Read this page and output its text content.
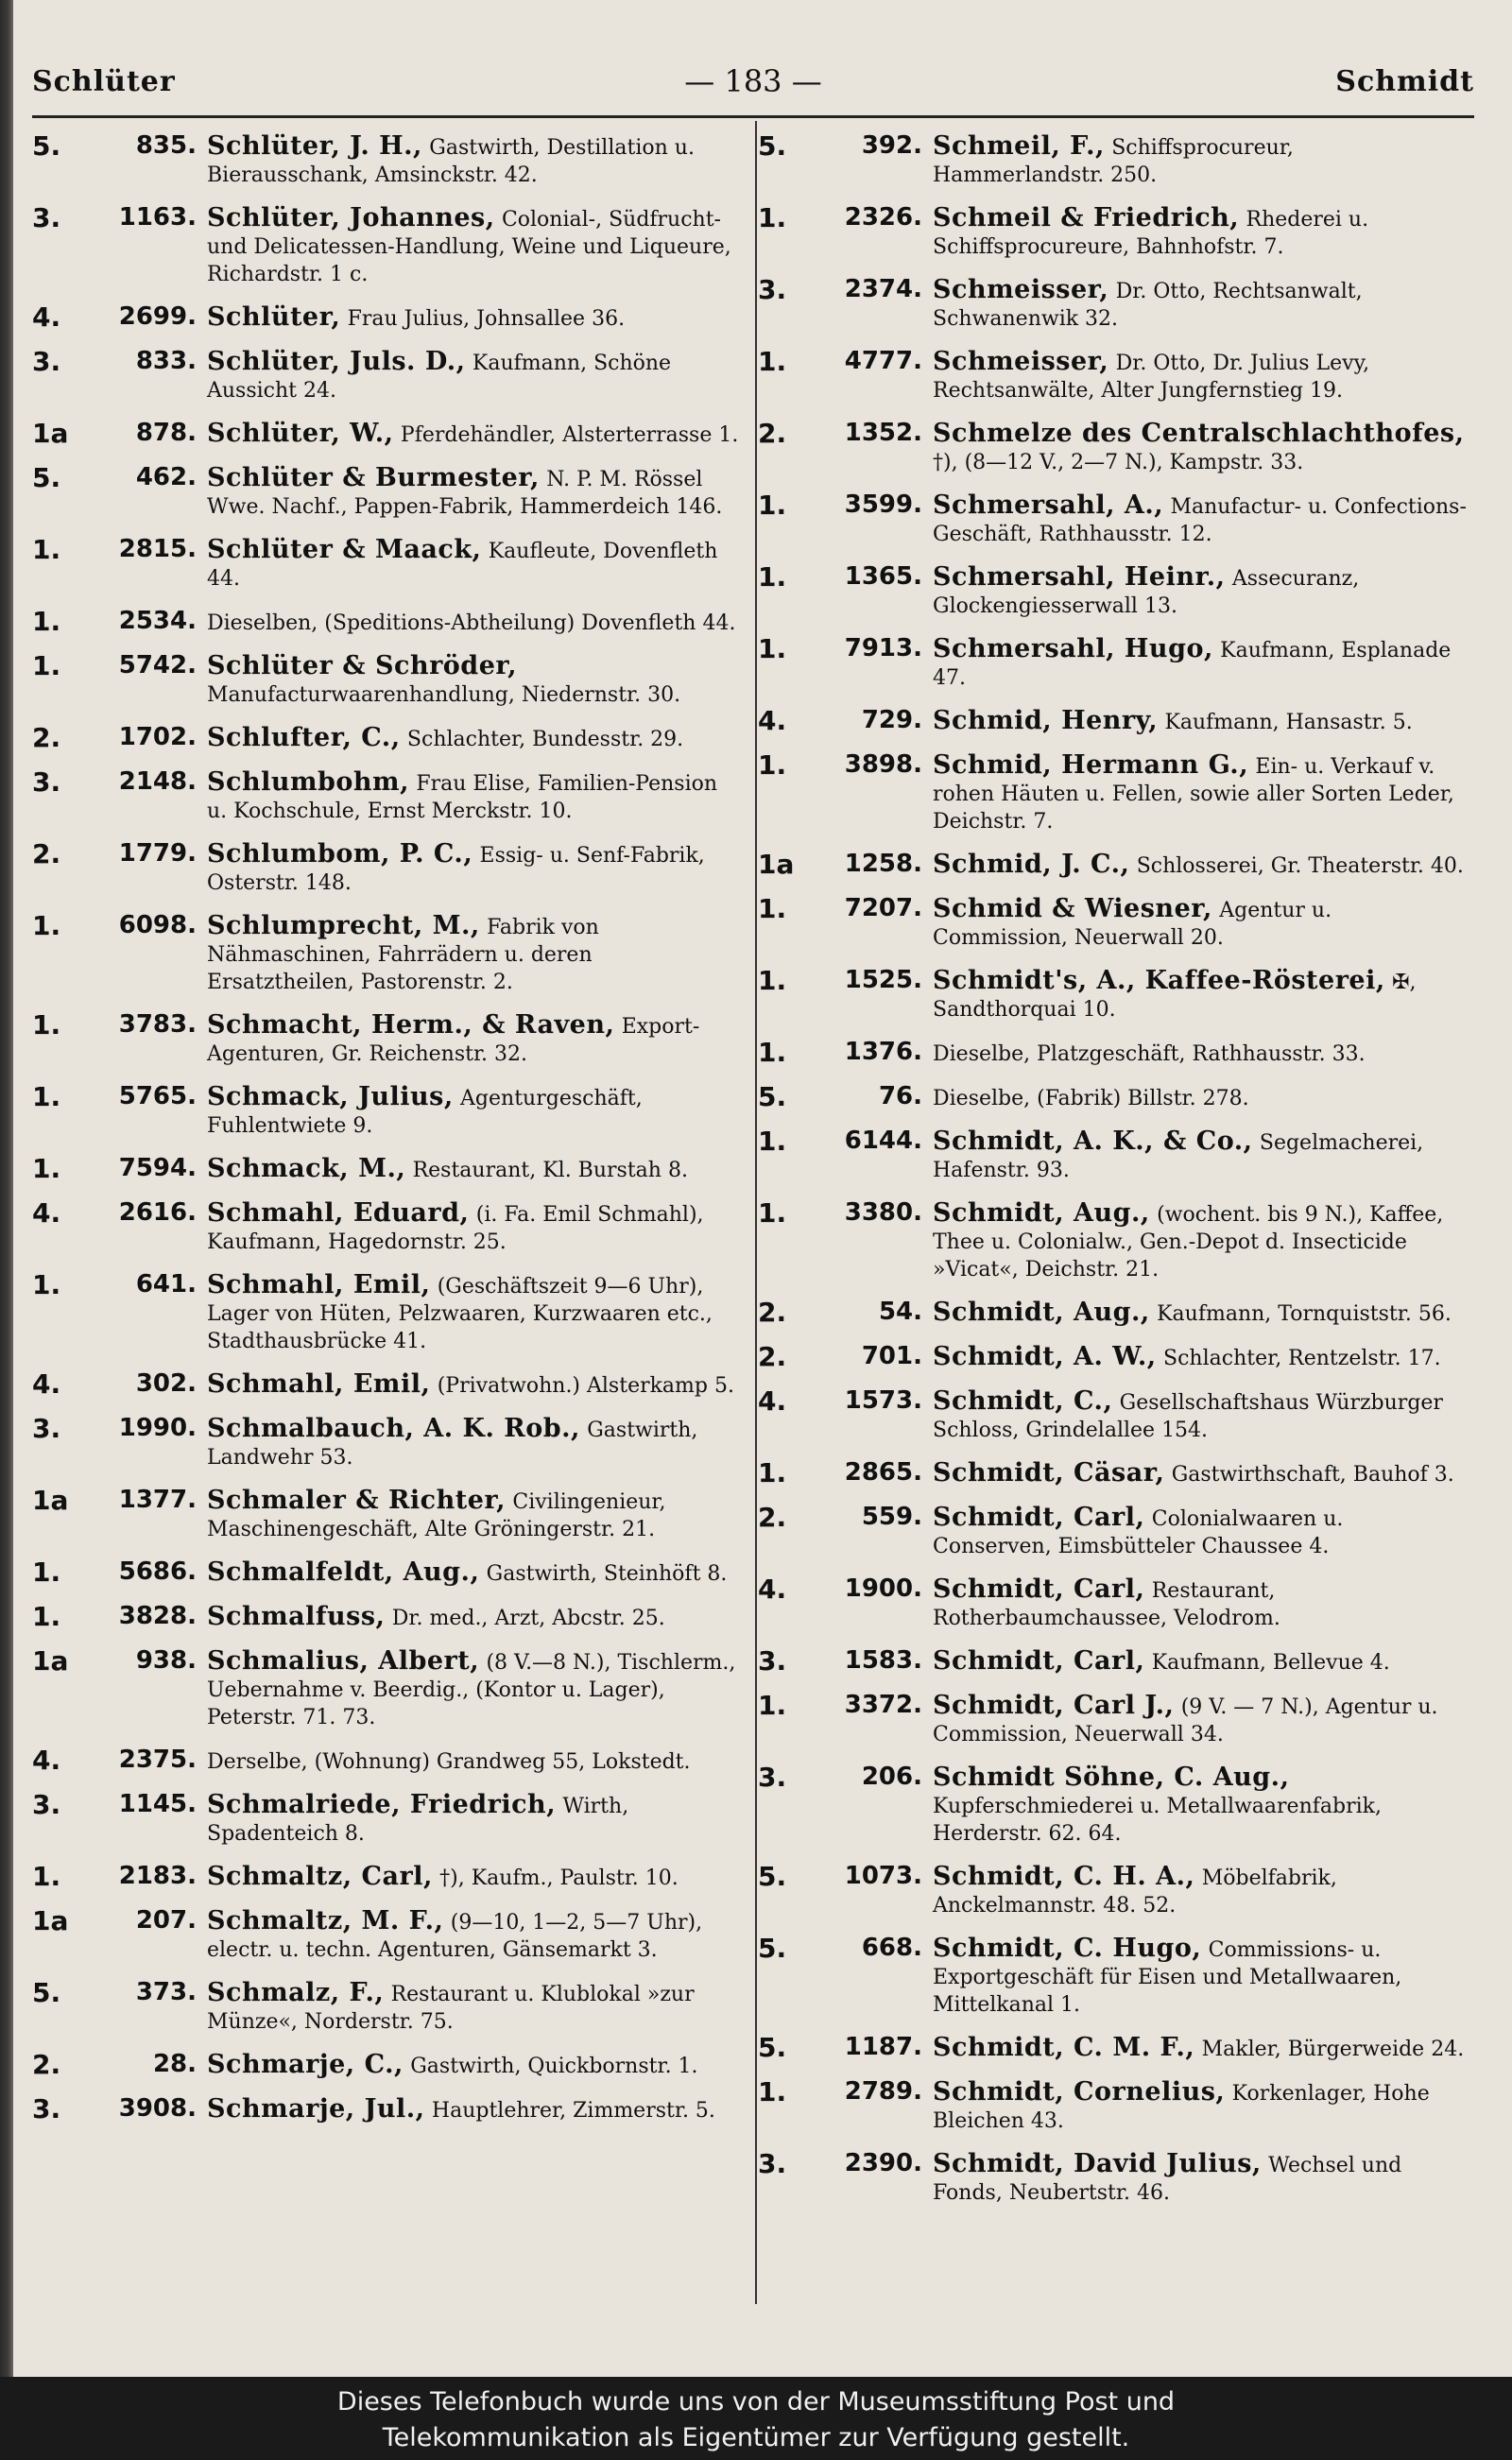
Schlüter	— 183 —	Schmidt
5.	835. Schlüter, J. H., Gastwirth, Destillation u. Bierausschank, Amsinckstr. 42.
3.	1163. Schlüter, Johannes, Colonial-, Südfrucht- und Delicatessen-Handlung, Weine und Liqueure, Richardstr. 1 c.
4.	2699. Schlüter, Frau Julius, Johnsallee 36.
3.	833. Schlüter, Juls. D., Kaufmann, Schöne Aussicht 24.
1a	878. Schlüter, W., Pferdehändler, Alsterterrasse 1.
5.	462. Schlüter & Burmester, N. P. M. Rössel Wwe. Nachf., Pappen-Fabrik, Hammerdeich 146.
1.	2815. Schlüter & Maack, Kaufleute, Dovenfleth 44.
1.	2534. Dieselben, (Speditions-Abtheilung) Dovenfleth 44.
1.	5742. Schlüter & Schröder, Manufacturwaarenhandlung, Niedernstr. 30.
2.	1702. Schlufter, C., Schlachter, Bundesstr. 29.
3.	2148. Schlumbohm, Frau Elise, Familien-Pension u. Kochschule, Ernst Merckstr. 10.
2.	1779. Schlumbom, P. C., Essig- u. Senf-Fabrik, Osterstr. 148.
1.	6098. Schlumprecht, M., Fabrik von Nähmaschinen, Fahrrädern u. deren Ersatztheilen, Pastorenstr. 2.
1.	3783. Schmacht, Herm., & Raven, Export-Agenturen, Gr. Reichenstr. 32.
1.	5765. Schmack, Julius, Agenturgeschäft, Fuhlentwiete 9.
1.	7594. Schmack, M., Restaurant, Kl. Burstah 8.
4.	2616. Schmahl, Eduard, (i. Fa. Emil Schmahl), Kaufmann, Hagedornstr. 25.
1.	641. Schmahl, Emil, (Geschäftszeit 9—6 Uhr), Lager von Hüten, Pelzwaaren, Kurzwaaren etc., Stadthausbrücke 41.
4.	302. Schmahl, Emil, (Privatwohn.) Alsterkamp 5.
3.	1990. Schmalbauch, A. K. Rob., Gastwirth, Landwehr 53.
1a	1377. Schmaler & Richter, Civilingenieur, Maschinengeschäft, Alte Gröningerstr. 21.
1.	5686. Schmalfeldt, Aug., Gastwirth, Steinhöft 8.
1.	3828. Schmalfuss, Dr. med., Arzt, Abcstr. 25.
1a	938. Schmalius, Albert, (8 V.—8 N.), Tischlerm., Uebernahme v. Beerdig., (Kontor u. Lager), Peterstr. 71. 73.
4.	2375. Derselbe, (Wohnung) Grandweg 55, Lokstedt.
3.	1145. Schmalriede, Friedrich, Wirth, Spadenteich 8.
1.	2183. Schmaltz, Carl, †), Kaufm., Paulstr. 10.
1a	207. Schmaltz, M. F., (9—10, 1—2, 5—7 Uhr), electr. u. techn. Agenturen, Gänsemarkt 3.
5.	373. Schmalz, F., Restaurant u. Klublokal »zur Münze«, Norderstr. 75.
2.	28. Schmarje, C., Gastwirth, Quickbornstr. 1.
3.	3908. Schmarje, Jul., Hauptlehrer, Zimmerstr. 5.
5.	392. Schmeil, F., Schiffsprocureur, Hammerlandstr. 250.
1.	2326. Schmeil & Friedrich, Rhederei u. Schiffsprocureure, Bahnhofstr. 7.
3.	2374. Schmeisser, Dr. Otto, Rechtsanwalt, Schwanenwik 32.
1.	4777. Schmeisser, Dr. Otto, Dr. Julius Levy, Rechtsanwälte, Alter Jungfernstieg 19.
2.	1352. Schmelze des Centralschlachthofes, †), (8—12 V., 2—7 N.), Kampstr. 33.
1.	3599. Schmersahl, A., Manufactur- u. Confections-Geschäft, Rathhausstr. 12.
1.	1365. Schmersahl, Heinr., Assecuranz, Glockengiesserwall 13.
1.	7913. Schmersahl, Hugo, Kaufmann, Esplanade 47.
4.	729. Schmid, Henry, Kaufmann, Hansastr. 5.
1.	3898. Schmid, Hermann G., Ein- u. Verkauf v. rohen Häuten u. Fellen, sowie aller Sorten Leder, Deichstr. 7.
1a	1258. Schmid, J. C., Schlosserei, Gr. Theaterstr. 40.
1.	7207. Schmid & Wiesner, Agentur u. Commission, Neuerwall 20.
1.	1525. Schmidt's, A., Kaffee-Rösterei, ✠, Sandthorquai 10.
1.	1376. Dieselbe, Platzgeschäft, Rathhausstr. 33.
5.	76. Dieselbe, (Fabrik) Billstr. 278.
1.	6144. Schmidt, A. K., & Co., Segelmacherei, Hafenstr. 93.
1.	3380. Schmidt, Aug., (wochent. bis 9 N.), Kaffee, Thee u. Colonialw., Gen.-Depot d. Insecticide »Vicat«, Deichstr. 21.
2.	54. Schmidt, Aug., Kaufmann, Tornquiststr. 56.
2.	701. Schmidt, A. W., Schlachter, Rentzelstr. 17.
4.	1573. Schmidt, C., Gesellschaftshaus Würzburger Schloss, Grindelallee 154.
1.	2865. Schmidt, Cäsar, Gastwirthschaft, Bauhof 3.
2.	559. Schmidt, Carl, Colonialwaaren u. Conserven, Eimsbütteler Chaussee 4.
4.	1900. Schmidt, Carl, Restaurant, Rotherbaumchaussee, Velodrom.
3.	1583. Schmidt, Carl, Kaufmann, Bellevue 4.
1.	3372. Schmidt, Carl J., (9 V. — 7 N.), Agentur u. Commission, Neuerwall 34.
3.	206. Schmidt Söhne, C. Aug., Kupferschmiederei u. Metallwaarenfabrik, Herderstr. 62. 64.
5.	1073. Schmidt, C. H. A., Möbelfabrik, Anckelmannstr. 48. 52.
5.	668. Schmidt, C. Hugo, Commissions- u. Exportgeschäft für Eisen und Metallwaaren, Mittelkanal 1.
5.	1187. Schmidt, C. M. F., Makler, Bürgerweide 24.
1.	2789. Schmidt, Cornelius, Korkenlager, Hohe Bleichen 43.
3.	2390. Schmidt, David Julius, Wechsel und Fonds, Neubertstr. 46.
Dieses Telefonbuch wurde uns von der Museumsstiftung Post und
Telekommunikation als Eigentümer zur Verfügung gestellt.
